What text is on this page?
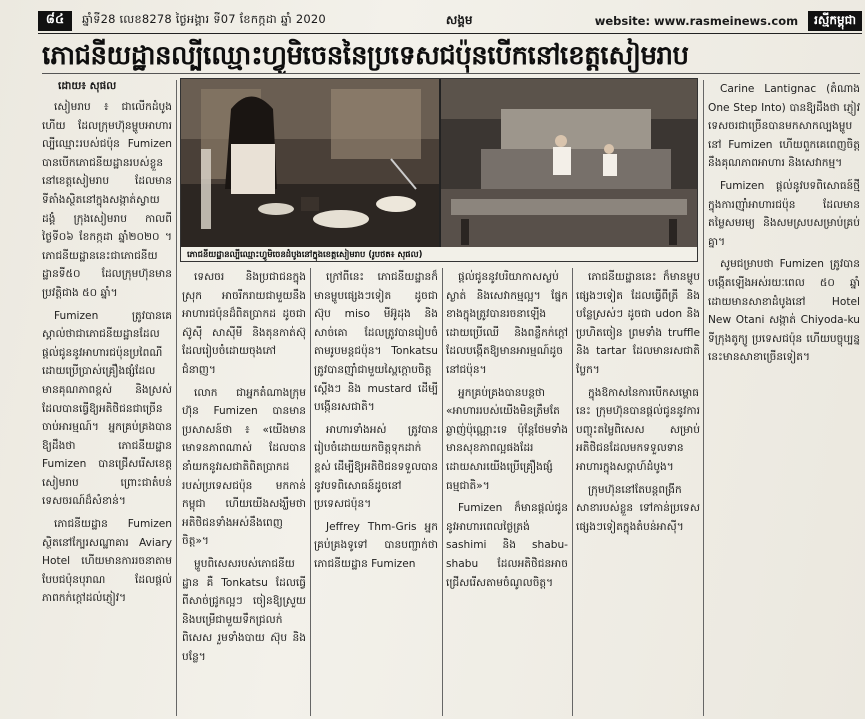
៨៤	ឆ្នាំទី28 លេខ8278 ថ្ងៃអង្គារ ទី07 ខែកក្កដា ឆ្នាំ 2020	សង្គម	website: www.rasmeinews.com	រស្មីកម្ពុជា
ភោជនីយដ្ឋានល្បីឈ្មោះហ្វូមិចេននៃប្រទេសជប៉ុនបើកនៅខេត្តសៀមរាប
ដោយ៖ សុផល

សៀមរាប ៖ ជាលើកដំបូងហើយ ដែលក្រុមហ៊ុនម្ហូបអាហារល្បីឈ្មោះរបស់ជប៉ុន Fumizen បានបើកភោជនីយដ្ឋានរបស់ខ្លួននៅខេត្តសៀមរាប ដែលមានទីតាំងស្ថិតនៅក្នុងសង្កាត់ស្វាយដង្គំ ក្រុងសៀមរាប កាលពីថ្ងៃទី០៦ ខែកក្កដា ឆ្នាំ២០២០ ។ ភោជនីយដ្ឋាននេះជាភោជនីយដ្ឋានទី៥០ ដែលក្រុមហ៊ុនមានប្រវត្តិជាង ៥០ ឆ្នាំ។

Fumizen ត្រូវបានគេស្គាល់ថាជាភោជនីយដ្ឋានដែលផ្តល់ជូននូវអាហារជប៉ុនប្រពៃណី ដោយប្រើប្រាស់គ្រឿងផ្សំដែលមានគុណភាពខ្ពស់ និងស្រស់ ដែលបានធ្វើឱ្យអតិថិជនជាច្រើនចាប់អារម្មណ៍។ អ្នកគ្រប់គ្រងបានឱ្យដឹងថា ភោជនីយដ្ឋាន Fumizen បានជ្រើសរើសខេត្តសៀមរាប ព្រោះជាតំបន់ទេសចរណ៍ដ៏សំខាន់។

ភោជនីយដ្ឋាន Fumizen ស្ថិតនៅក្បែរសណ្ឋាគារ Aviary Hotel ហើយមានការរចនាតាមបែបជប៉ុនបុរាណ ដែលផ្តល់ភាពកក់ក្តៅដល់ភ្ញៀវ។

ភោជនីយដ្ឋានល្បីឈ្មោះហ្វូមិចេនដំបូងនៅក្នុងខេត្តសៀមរាប (រូបថត៖ សុផល)

Carine Lantignac (តំណាង One Step Into) បានឱ្យដឹងថា ភ្ញៀវទេសចរជាច្រើនបានមកសាកល្បងម្ហូបនៅ Fumizen ហើយពួកគេពេញចិត្តនឹងគុណភាពអាហារ និងសេវាកម្ម។

Fumizen ផ្តល់នូវបទពិសោធន៍ថ្មីក្នុងការញ៉ាំអាហារជប៉ុន ដែលមានតម្លៃសមរម្យ និងសមស្របសម្រាប់គ្រប់គ្នា។

សូមជម្រាបថា Fumizen ត្រូវបានបង្កើតឡើងអស់រយៈពេល ៥០ ឆ្នាំ ដោយមានសាខាដំបូងនៅ Hotel New Otani សង្កាត់ Chiyoda-ku ទីក្រុងតូក្យូ ប្រទេសជប៉ុន ហើយបច្ចុប្បន្ននេះមានសាខាច្រើនទៀត។

ទេសចរ និងប្រជាជនក្នុងស្រុក អាចរីករាយជាមួយនឹងអាហារជប៉ុនដ៏ពិតប្រាកដ ដូចជា ស៊ូស៊ី សាស៊ីមី និងតុនកាត់ស៊ុ ដែលរៀបចំដោយចុងភៅជំនាញ។

លោក ជាអ្នកតំណាងក្រុមហ៊ុន Fumizen បានមានប្រសាសន៍ថា ៖ «យើងមានមោទនភាពណាស់ ដែលបាននាំយកនូវរសជាតិពិតប្រាកដរបស់ប្រទេសជប៉ុន មកកាន់កម្ពុជា ហើយយើងសង្ឃឹមថា អតិថិជនទាំងអស់នឹងពេញចិត្ត»។

ម្ហូបពិសេសរបស់ភោជនីយដ្ឋាន គឺ Tonkatsu ដែលធ្វើពីសាច់ជ្រូកល្អៗ ចៀនឱ្យស្រួយ និងបម្រើជាមួយទឹកជ្រលក់ពិសេស រួមទាំងបាយ ស៊ុប និងបន្លែ។

ក្រៅពីនេះ ភោជនីយដ្ឋានក៏មានម្ហូបផ្សេងៗទៀត ដូចជា ស៊ុប miso មីអ៊ូដុង និងសាច់គោ ដែលត្រូវបានរៀបចំតាមរូបមន្តជប៉ុន។ Tonkatsu ត្រូវបានញ៉ាំជាមួយស្ពៃក្តោបចិត្តស្តើងៗ និង mustard ដើម្បីបង្កើនរសជាតិ។

អាហារទាំងអស់ ត្រូវបានរៀបចំដោយយកចិត្តទុកដាក់ខ្ពស់ ដើម្បីឱ្យអតិថិជនទទួលបាននូវបទពិសោធន៍ដូចនៅប្រទេសជប៉ុន។

Jeffrey Thm-Gris អ្នកគ្រប់គ្រងទូទៅ បានបញ្ជាក់ថា ភោជនីយដ្ឋាន Fumizen

ផ្តល់ជូននូវបរិយាកាសស្ងប់ស្ងាត់ និងសេវាកម្មល្អ។ ផ្នែកខាងក្នុងត្រូវបានរចនាឡើងដោយប្រើឈើ និងពន្លឺកក់ក្តៅ ដែលបង្កើតឱ្យមានអារម្មណ៍ដូចនៅជប៉ុន។

អ្នកគ្រប់គ្រងបានបន្តថា «អាហាររបស់យើងមិនត្រឹមតែឆ្ងាញ់ប៉ុណ្ណោះទេ ប៉ុន្តែថែមទាំងមានសុខភាពល្អផងដែរ ដោយសារយើងប្រើគ្រឿងផ្សំធម្មជាតិ»។

Fumizen ក៏មានផ្តល់ជូននូវអាហារពេលថ្ងៃត្រង់ sashimi និង shabu-shabu ដែលអតិថិជនអាចជ្រើសរើសតាមចំណូលចិត្ត។

ភោជនីយដ្ឋាននេះ ក៏មានម្ហូបផ្សេងៗទៀត ដែលធ្វើពីត្រី និងបន្លែស្រស់ៗ ដូចជា udon និងប្រហិតចៀន ព្រមទាំង truffle និង tartar ដែលមានរសជាតិប្លែក។

ក្នុងឱកាសនៃការបើកសម្ពោធនេះ ក្រុមហ៊ុនបានផ្តល់ជូននូវការបញ្ចុះតម្លៃពិសេស សម្រាប់អតិថិជនដែលមកទទួលទានអាហារក្នុងសប្តាហ៍ដំបូង។

ក្រុមហ៊ុននៅតែបន្តពង្រីកសាខារបស់ខ្លួន ទៅកាន់ប្រទេសផ្សេងៗទៀតក្នុងតំបន់អាស៊ី។
